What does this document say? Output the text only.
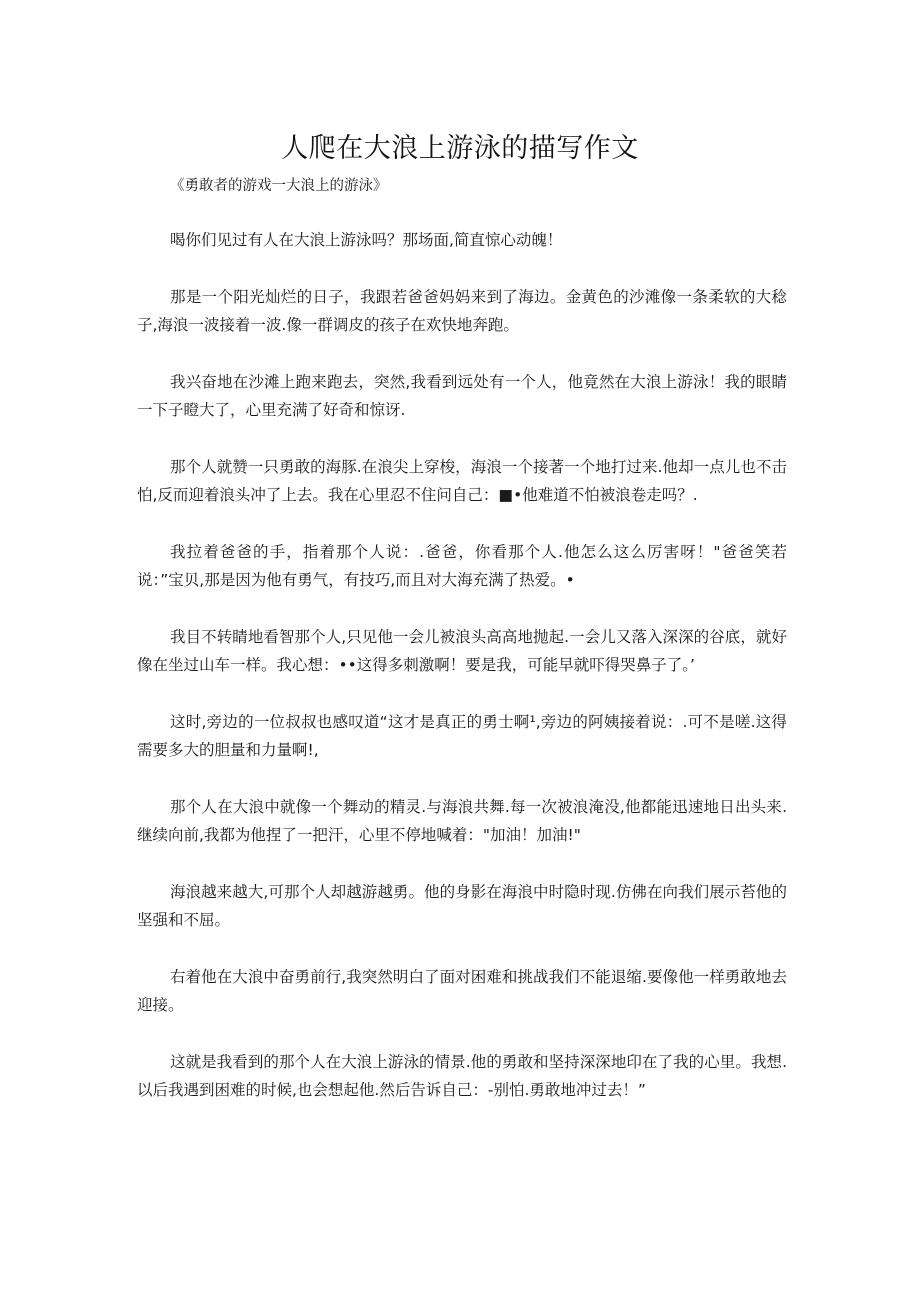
人爬在大浪上游泳的描写作文

《勇敢者的游戏一大浪上的游泳》

喝你们见过有人在大浪上游泳吗？那场面,简直惊心动魄！

那是一个阳光灿烂的日子，我跟若爸爸妈妈来到了海边。金黄色的沙滩像一条柔软的大稔子,海浪一波接着一波.像一群调皮的孩子在欢快地奔跑。

我兴奋地在沙滩上跑来跑去，突然,我看到远处有一个人，他竟然在大浪上游泳！我的眼睛一下子瞪大了，心里充满了好奇和惊讶.

那个人就赞一只勇敢的海豚.在浪尖上穿梭，海浪一个接著一个地打过来.他却一点儿也不击怕,反而迎着浪头冲了上去。我在心里忍不住问自己：■•他难道不怕被浪卷走吗？.

我拉着爸爸的手，指着那个人说：.爸爸，你看那个人.他怎么这么厉害呀！"爸爸笑若说：”宝贝,那是因为他有勇气，有技巧,而且对大海充满了热爱。•

我目不转睛地看智那个人,只见他一会儿被浪头高高地抛起.一会儿又落入深深的谷底，就好像在坐过山车一样。我心想：••这得多刺激啊！要是我，可能早就吓得哭鼻子了。’

这时,旁边的一位叔叔也感叹道“这才是真正的勇士啊¹,旁边的阿姨接着说：.可不是嗟.这得需要多大的胆量和力量啊!,

那个人在大浪中就像一个舞动的精灵.与海浪共舞.每一次被浪淹没,他都能迅速地日出头来.继续向前,我都为他捏了一把汗，心里不停地喊着："加油！加油!"

海浪越来越大,可那个人却越游越勇。他的身影在海浪中时隐时现.仿佛在向我们展示苔他的坚强和不屈。

右着他在大浪中奋勇前行,我突然明白了面对困难和挑战我们不能退缩.要像他一样勇敢地去迎接。

这就是我看到的那个人在大浪上游泳的情景.他的勇敢和坚持深深地印在了我的心里。我想.以后我遇到困难的时候,也会想起他.然后告诉自己：-别怕.勇敢地冲过去！”
